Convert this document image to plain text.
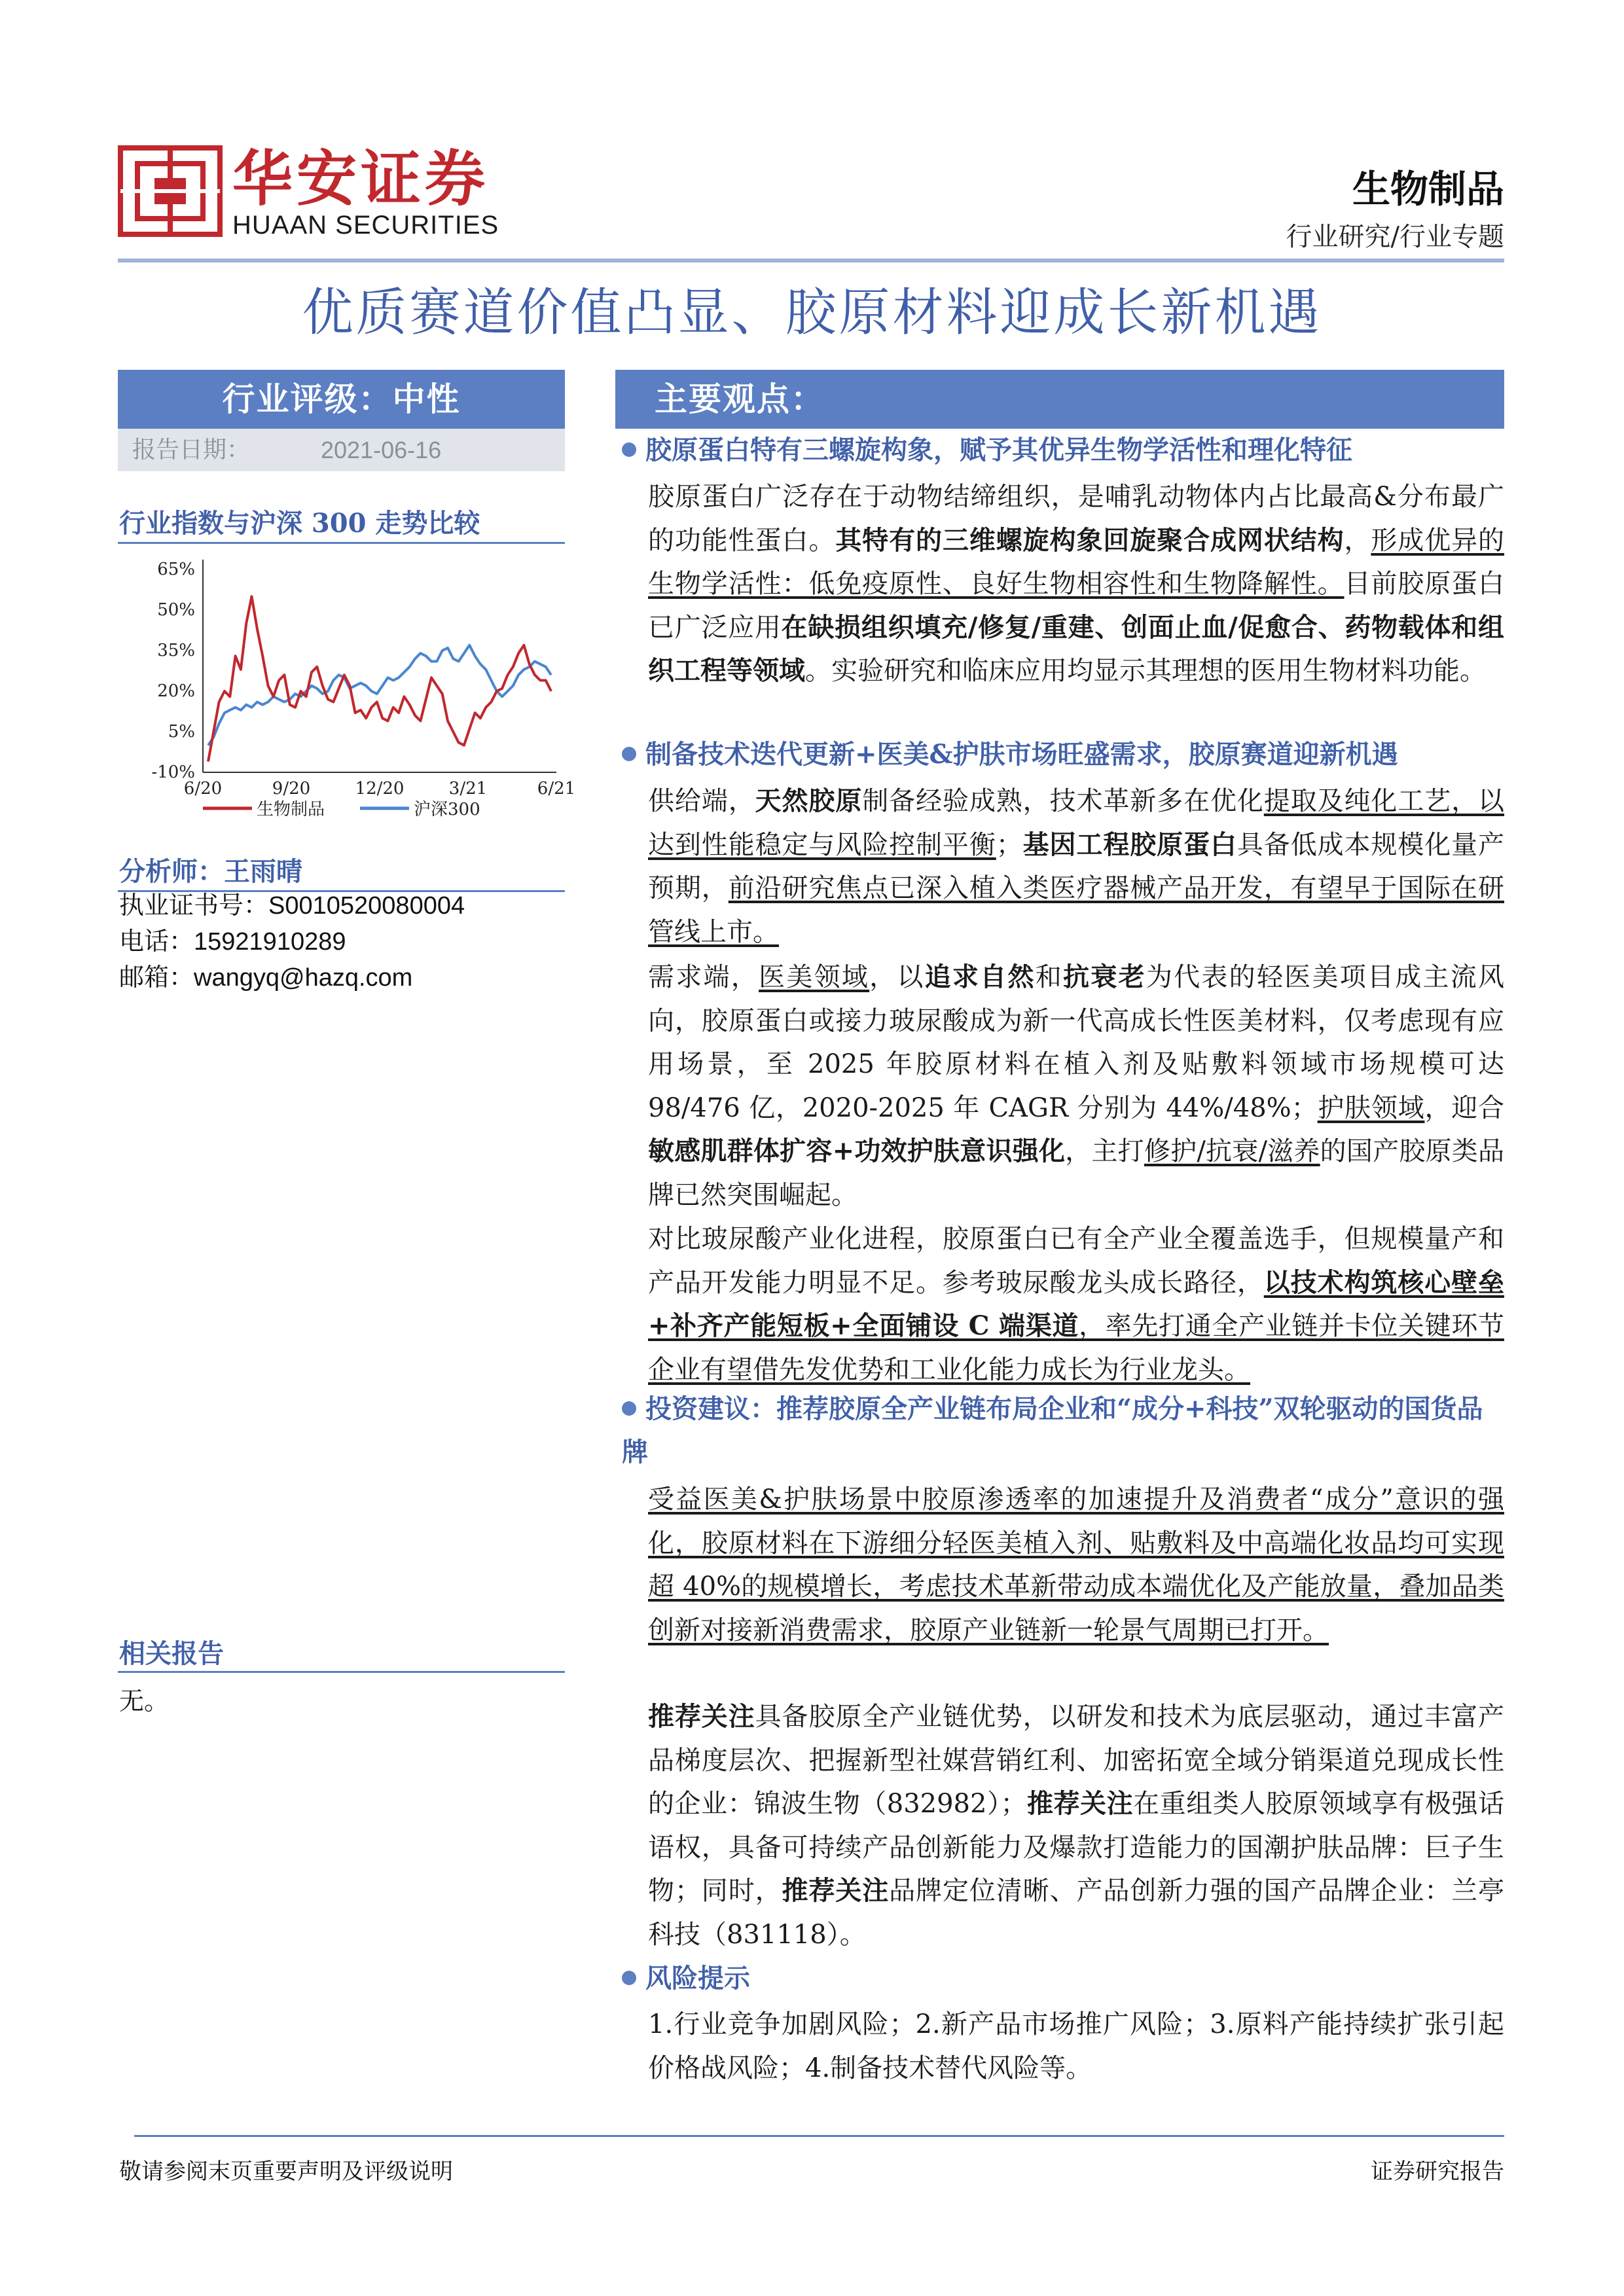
华安证券
HUAAN SECURITIES
生物制品
行业研究/行业专题
优质赛道价值凸显、胶原材料迎成长新机遇
行业评级：中性
报告日期：	2021-06-16
行业指数与沪深 300 走势比较
65%
50%
35%
20%
5%
-10%
6/20	9/20	12/20	3/21	6/21
生物制品	沪深300
分析师：王雨晴
执业证书号：S0010520080004
电话：15921910289
邮箱：wangyq@hazq.com
相关报告
无。
主要观点：
胶原蛋白特有三螺旋构象，赋予其优异生物学活性和理化特征
胶原蛋白广泛存在于动物结缔组织，是哺乳动物体内占比最高&分布最广的功能性蛋白。其特有的三维螺旋构象回旋聚合成网状结构，形成优异的生物学活性：低免疫原性、良好生物相容性和生物降解性。目前胶原蛋白已广泛应用在缺损组织填充/修复/重建、创面止血/促愈合、药物载体和组织工程等领域。实验研究和临床应用均显示其理想的医用生物材料功能。
制备技术迭代更新+医美&护肤市场旺盛需求，胶原赛道迎新机遇
供给端，天然胶原制备经验成熟，技术革新多在优化提取及纯化工艺，以达到性能稳定与风险控制平衡；基因工程胶原蛋白具备低成本规模化量产预期，前沿研究焦点已深入植入类医疗器械产品开发，有望早于国际在研管线上市。
需求端，医美领域，以追求自然和抗衰老为代表的轻医美项目成主流风向，胶原蛋白或接力玻尿酸成为新一代高成长性医美材料，仅考虑现有应用场景，至 2025 年胶原材料在植入剂及贴敷料领域市场规模可达 98/476 亿，2020-2025 年 CAGR 分别为 44%/48%；护肤领域，迎合敏感肌群体扩容+功效护肤意识强化，主打修护/抗衰/滋养的国产胶原类品牌已然突围崛起。
对比玻尿酸产业化进程，胶原蛋白已有全产业全覆盖选手，但规模量产和产品开发能力明显不足。参考玻尿酸龙头成长路径，以技术构筑核心壁垒+补齐产能短板+全面铺设 C 端渠道，率先打通全产业链并卡位关键环节企业有望借先发优势和工业化能力成长为行业龙头。
投资建议：推荐胶原全产业链布局企业和“成分+科技”双轮驱动的国货品牌
受益医美&护肤场景中胶原渗透率的加速提升及消费者“成分”意识的强化，胶原材料在下游细分轻医美植入剂、贴敷料及中高端化妆品均可实现超 40%的规模增长，考虑技术革新带动成本端优化及产能放量，叠加品类创新对接新消费需求，胶原产业链新一轮景气周期已打开。
推荐关注具备胶原全产业链优势，以研发和技术为底层驱动，通过丰富产品梯度层次、把握新型社媒营销红利、加密拓宽全域分销渠道兑现成长性的企业：锦波生物（832982）；推荐关注在重组类人胶原领域享有极强话语权，具备可持续产品创新能力及爆款打造能力的国潮护肤品牌：巨子生物；同时，推荐关注品牌定位清晰、产品创新力强的国产品牌企业：兰亭科技（831118）。
风险提示
1.行业竞争加剧风险；2.新产品市场推广风险；3.原料产能持续扩张引起价格战风险；4.制备技术替代风险等。
敬请参阅末页重要声明及评级说明	证券研究报告
